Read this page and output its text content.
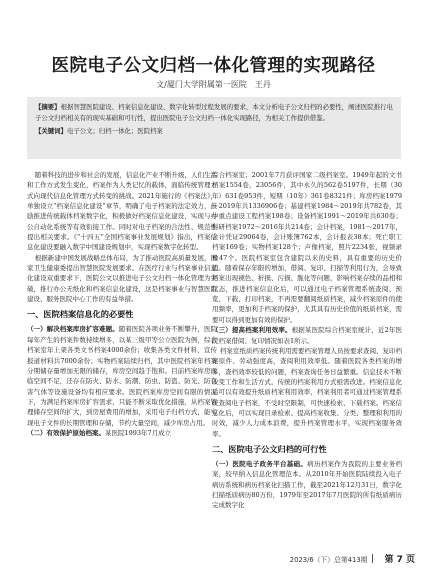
医院电子公文归档一体化管理的实现路径
文/厦门大学附属第一医院　王丹

【摘要】根据智慧医院建设、档案信息化建设、数字化转型过程发展的要求，本文分析电子公文归档的必要性，阐述医院推行电子公文归档相关有的现实基础和可行性，提出医院电子公文归档一体化实现路径，为相关工作提供借鉴。

【关键词】电子公文；归档一体化；医院档案

随着科技的进步和社会的发展，信息化产业不断升级，人们生活和工作方式发生变化，档案作为人类记忆的载体，面临传统管理方式向现代信息化管理方式转变的挑战。2021年施行的《档案法》，单独设立“档案信息化建设”章节，明确了电子档案的法定效力，鼓励推进传统载体档案数字化，积极做好档案信息化建设，实现与办公自动化系统等有效衔接工作。同时对电子档案的合法性、规范性提出相关要求。《“十四五”全国档案事业发展规划》指出，档案信息化建设要融入数字中国建设规划中，实现档案数字化转型。

根据新建中国发展战略总体布局，为了推动医院高质量发展，国家卫生健康委提出智慧医院发展要求。在医疗行业与档案事业信息化建设双重要求下，医院公文以推进电子公文归档一体化管理为突破，推行办公无纸化和档案信息化建设，这是档案事业与智慧医院建设、服务医院中心工作的有益举措。

一、医院档案信息化的必要性

（一）解决档案库房扩容难题。随着医院各项业务不断攀升，医院每年产生的档案件数持续增多，以某三级甲等公立医院为例，综合档案室年上架各类文书档案4000余份；收集各类文件材料，宣传报道材料共7000余份；实物档案陆续归档，其中医院档案年档案分期储存量增加无限的储存，库房空间趋于饱和。目前档案库房面临空间不足，还存在防火、防水、防潮、防虫、防盗、防光、防有害气体等设施设备均有相应要求。医院档案库房空间有限的情况下，为满足档案库房扩容需求，只能不断采取优化措施，从档案管理储存空间的扩大，到房屋费用的增加，采用电子归档方式，能实现电子文件的长期管理和存储，节约大量空间，减少库房占用。

（二）有效保护原始档案。某医院1993年7月成立

综合档案室；2001年7月获评国家二级档案室。1949年起的文书档案1554卷，23056件，其中永久的562卷5197件，长期（30年）631卷953件，短期（10年）361卷8321件；库房档案1979～2019年共1336906卷；基建档案1984～2019年共782卷，其中重点建设工程档案198卷；设备档案1991～2019年共630卷；科研档案1972～2016年共214卷；会计档案，1981～2017年，会计凭证29064卷，会计账簿762本，会计报表38本；死亡职工档案169卷；实物档案128个；声像档案，照片2234张，视频录像47个。医院档案室包含建院以来的史料，具有重要的历史价值。随着保存年限的增加，借阅、复印、扫描等利用行为，会导致档案出现褪色、折损、污损、脆化等问题，影响档案存续的品相和状态，推进档案信息化后，可以通过电子档案管理系统查阅、预览、下载、打印档案，不再需要翻阅纸质档案，减少档案原件的使用频率，更加利于档案的保护，尤其具有历史价值的纸质档案，需要可以得到更加有效的保护。

（三）提高档案利用效率。根据某医院综合档案室统计，近2年医院档案借阅、复印情况如表1所示。

档案室纸质档案传统利用需要档案管理人员按要求查阅、复印档案原件、劳动强度高，查阅利用效率低。随着医院各类档案的增多，查档效率较低的问题，档案查询任务日益繁重。信息技术不断改变工作和生活方式，传统的档案利用方式亟需改进。档案信息化后可以有效提升纸质档案利用效率，档案利用者可通过档案管理系统查阅电子档案，不受时空限制，可快速检索、下载档案。档案信息化后，可以实现目录检索、提高档案收集、分类、整理和利用的时效，减少人力成本浪费，提升档案管理水平，实现档案服务效率。

二、医院电子公文归档的可行性

（一）医院电子政务平台基础。病历档案作为我院的主要业务档案，较早纳入信息化管理范本。从2010年开始医院陆续投入电子病历系统和病历档案化扫描工作，截至2021年12月31日，数字化扫描纸质病历80万份，1979年至2017年7月医院的所有纸质病历完成数字化

2023/6（下）总第413期 第 7 页
